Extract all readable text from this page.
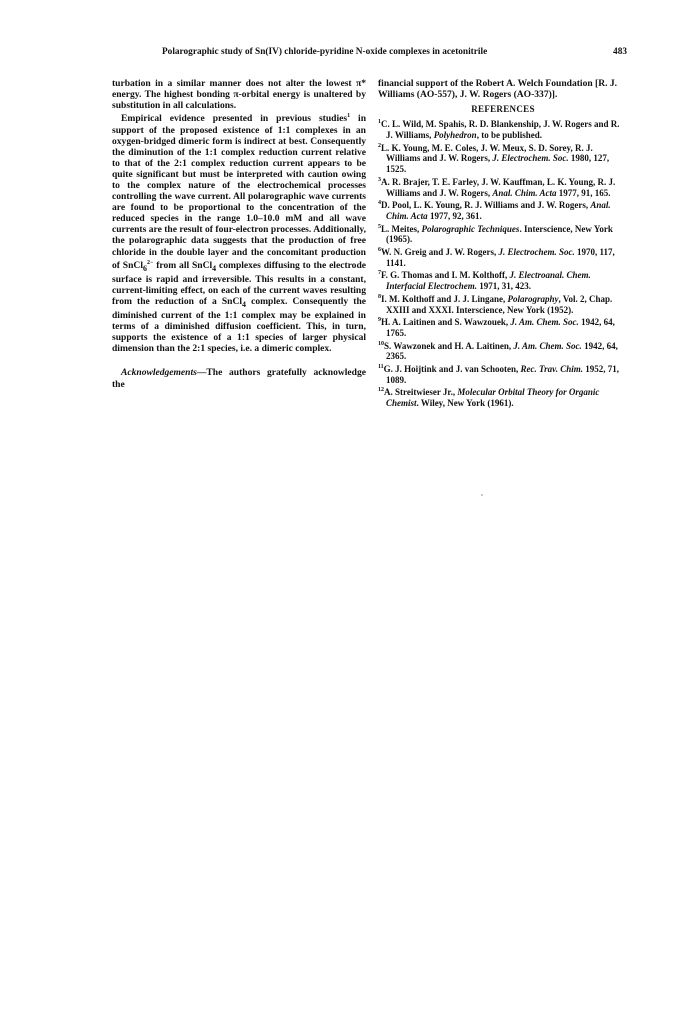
Polarographic study of Sn(IV) chloride-pyridine N-oxide complexes in acetonitrile	483

turbation in a similar manner does not alter the lowest π* energy. The highest bonding π-orbital energy is unaltered by substitution in all calculations.

Empirical evidence presented in previous studies$^1$ in support of the proposed existence of 1:1 complexes in an oxygen-bridged dimeric form is indirect at best. Consequently the diminution of the 1:1 complex reduction current relative to that of the 2:1 complex reduction current appears to be quite significant but must be interpreted with caution owing to the complex nature of the electrochemical processes controlling the wave current. All polarographic wave currents are found to be proportional to the concentration of the reduced species in the range 1.0–10.0 mM and all wave currents are the result of four-electron processes. Additionally, the polarographic data suggests that the production of free chloride in the double layer and the concomitant production of SnCl$_6^{2-}$ from all SnCl$_4$ complexes diffusing to the electrode surface is rapid and irreversible. This results in a constant, current-limiting effect, on each of the current waves resulting from the reduction of a SnCl$_4$ complex. Consequently the diminished current of the 1:1 complex may be explained in terms of a diminished diffusion coefficient. This, in turn, supports the existence of a 1:1 species of larger physical dimension than the 2:1 species, i.e. a dimeric complex.

Acknowledgements—The authors gratefully acknowledge the

financial support of the Robert A. Welch Foundation [R. J. Williams (AO-557), J. W. Rogers (AO-337)].

REFERENCES

$^1$C. L. Wild, M. Spahis, R. D. Blankenship, J. W. Rogers and R. J. Williams, Polyhedron, to be published.

$^2$L. K. Young, M. E. Coles, J. W. Meux, S. D. Sorey, R. J. Williams and J. W. Rogers, J. Electrochem. Soc. 1980, 127, 1525.

$^3$A. R. Brajer, T. E. Farley, J. W. Kauffman, L. K. Young, R. J. Williams and J. W. Rogers, Anal. Chim. Acta 1977, 91, 165.

$^4$D. Pool, L. K. Young, R. J. Williams and J. W. Rogers, Anal. Chim. Acta 1977, 92, 361.

$^5$L. Meites, Polarographic Techniques. Interscience, New York (1965).

$^6$W. N. Greig and J. W. Rogers, J. Electrochem. Soc. 1970, 117, 1141.

$^7$F. G. Thomas and I. M. Kolthoff, J. Electroanal. Chem. Interfacial Electrochem. 1971, 31, 423.

$^8$I. M. Kolthoff and J. J. Lingane, Polarography, Vol. 2, Chap. XXIII and XXXI. Interscience, New York (1952).

$^9$H. A. Laitinen and S. Wawzouek, J. Am. Chem. Soc. 1942, 64, 1765.

$^{10}$S. Wawzonek and H. A. Laitinen, J. Am. Chem. Soc. 1942, 64, 2365.

$^{11}$G. J. Hoijtink and J. van Schooten, Rec. Trav. Chim. 1952, 71, 1089.

$^{12}$A. Streitwieser Jr., Molecular Orbital Theory for Organic Chemist. Wiley, New York (1961).
